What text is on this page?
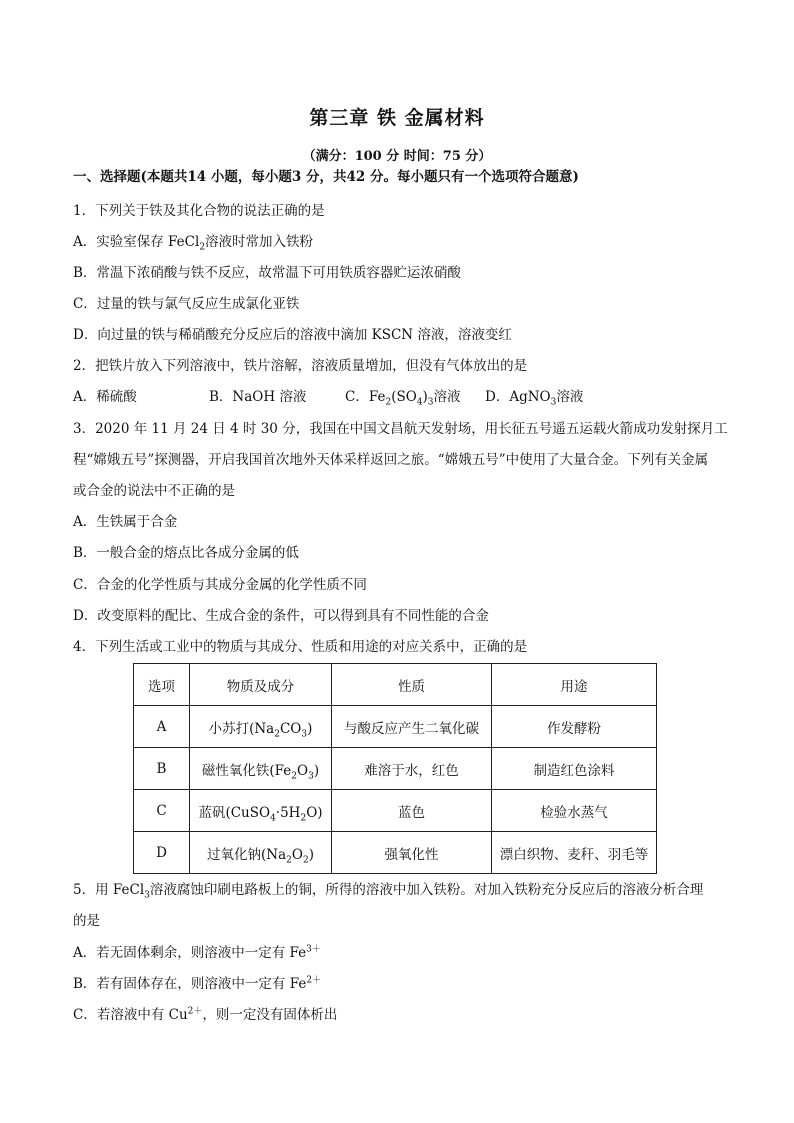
第三章 铁 金属材料
（满分：100 分 时间：75 分）
一、选择题(本题共14 小题，每小题3 分，共42 分。每小题只有一个选项符合题意)
1．下列关于铁及其化合物的说法正确的是
A．实验室保存 FeCl$_2$溶液时常加入铁粉
B．常温下浓硝酸与铁不反应，故常温下可用铁质容器贮运浓硝酸
C．过量的铁与氯气反应生成氯化亚铁
D．向过量的铁与稀硝酸充分反应后的溶液中滴加 KSCN 溶液，溶液变红
2．把铁片放入下列溶液中，铁片溶解，溶液质量增加，但没有气体放出的是
A．稀硫酸	B．NaOH 溶液	C．$Fe_2(SO_4)_3$溶液 D．AgNO$_3$溶液
3．2020 年 11 月 24 日 4 时 30 分，我国在中国文昌航天发射场，用长征五号遥五运载火箭成功发射探月工
程“嫦娥五号”探测器，开启我国首次地外天体采样返回之旅。“嫦娥五号”中使用了大量合金。下列有关金属
或合金的说法中不正确的是
A．生铁属于合金
B．一般合金的熔点比各成分金属的低
C．合金的化学性质与其成分金属的化学性质不同
D．改变原料的配比、生成合金的条件，可以得到具有不同性能的合金
4．下列生活或工业中的物质与其成分、性质和用途的对应关系中，正确的是
选项	物质及成分	性质	用途
A	小苏打$(Na_2CO_3)$	与酸反应产生二氧化碳	作发酵粉
B	磁性氧化铁$(Fe_2O_3)$	难溶于水，红色	制造红色涂料
C	蓝矾$(CuSO_4\cdot 5H_2O)$	蓝色	检验水蒸气
D	过氧化钠$(Na_2O_2)$	强氧化性	漂白织物、麦秆、羽毛等
5．用 FeCl$_3$溶液腐蚀印刷电路板上的铜，所得的溶液中加入铁粉。对加入铁粉充分反应后的溶液分析合理
的是
A．若无固体剩余，则溶液中一定有 $Fe^{3+}$
B．若有固体存在，则溶液中一定有 $Fe^{2+}$
C．若溶液中有 $Cu^{2+}$，则一定没有固体析出
